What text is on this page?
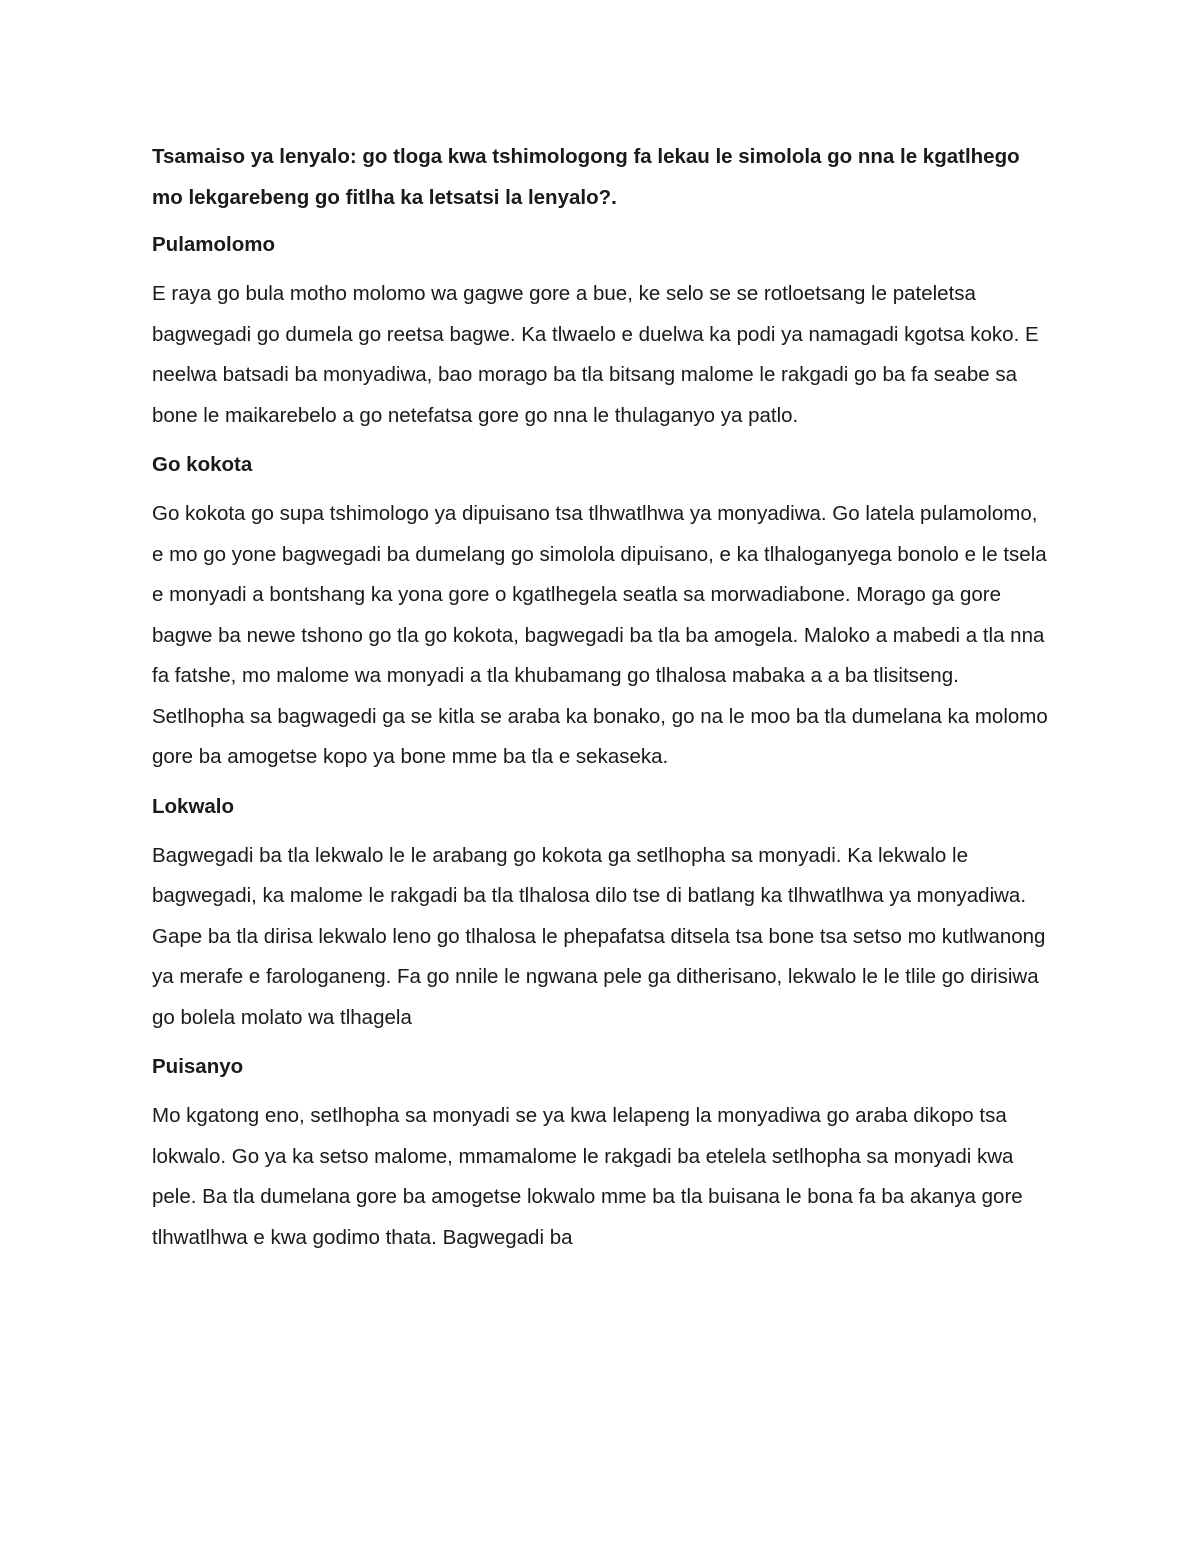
Tsamaiso ya lenyalo: go tloga kwa tshimologong fa lekau le simolola go nna le kgatlhego mo lekgarebeng go fitlha ka letsatsi la lenyalo?.

Pulamolomo

E raya go bula motho molomo wa gagwe gore a bue, ke selo se se rotloetsang le pateletsa bagwegadi go dumela go reetsa bagwe. Ka tlwaelo e duelwa ka podi ya namagadi kgotsa koko. E neelwa batsadi ba monyadiwa, bao morago ba tla bitsang malome le rakgadi go ba fa seabe sa bone le maikarebelo a go netefatsa gore go nna le thulaganyo ya patlo.

Go kokota

Go kokota go supa tshimologo ya dipuisano tsa tlhwatlhwa ya monyadiwa. Go latela pulamolomo, e mo go yone bagwegadi ba dumelang go simolola dipuisano, e ka tlhaloganyega bonolo e le tsela e monyadi a bontshang ka yona gore o kgatlhegela seatla sa morwadiabone. Morago ga gore bagwe ba newe tshono go tla go kokota, bagwegadi ba tla ba amogela. Maloko a mabedi a tla nna fa fatshe, mo malome wa monyadi a tla khubamang go tlhalosa mabaka a a ba tlisitseng. Setlhopha sa bagwagedi ga se kitla se araba ka bonako, go na le moo ba tla dumelana ka molomo gore ba amogetse kopo ya bone mme ba tla e sekaseka.

Lokwalo

Bagwegadi ba tla lekwalo le le arabang go kokota ga setlhopha sa monyadi. Ka lekwalo le bagwegadi, ka malome le rakgadi ba tla tlhalosa dilo tse di batlang ka tlhwatlhwa ya monyadiwa. Gape ba tla dirisa lekwalo leno go tlhalosa le phepafatsa ditsela tsa bone tsa setso mo kutlwanong ya merafe e farologaneng. Fa go nnile le ngwana pele ga ditherisano, lekwalo le le tlile go dirisiwa go bolela molato wa tlhagela

Puisanyo

Mo kgatong eno, setlhopha sa monyadi se ya kwa lelapeng la monyadiwa go araba dikopo tsa lokwalo. Go ya ka setso malome, mmamalome le rakgadi ba etelela setlhopha sa monyadi kwa pele. Ba tla dumelana gore ba amogetse lokwalo mme ba tla buisana le bona fa ba akanya gore tlhwatlhwa e kwa godimo thata. Bagwegadi ba
